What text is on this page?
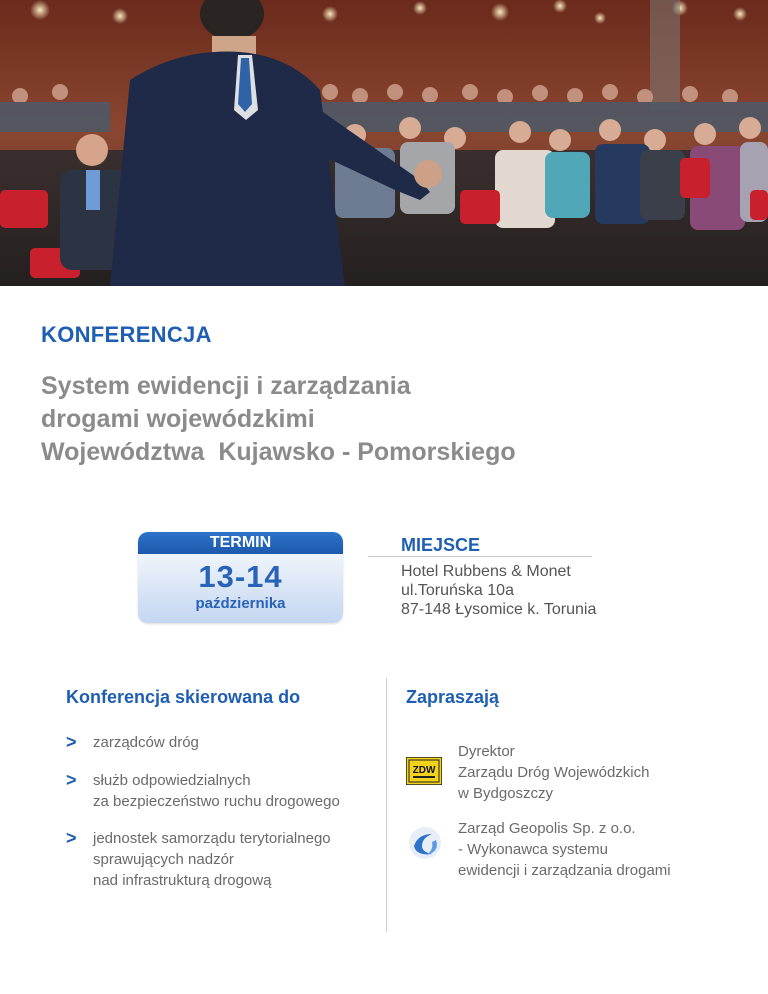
KONFERENCJA
System ewidencji i zarządzania
drogami wojewódzkimi
Województwa  Kujawsko - Pomorskiego
TERMIN
13-14
października
MIEJSCE
Hotel Rubbens & Monet
ul.Toruńska 10a
87-148 Łysomice k. Torunia
Konferencja skierowana do
>	zarządców dróg
>	służb odpowiedzialnych
za bezpieczeństwo ruchu drogowego
>	jednostek samorządu terytorialnego
sprawujących nadzór
nad infrastrukturą drogową
Zapraszają
ZDW
Dyrektor
Zarządu Dróg Wojewódzkich
w Bydgoszczy
Zarząd Geopolis Sp. z o.o.
- Wykonawca systemu
ewidencji i zarządzania drogami
